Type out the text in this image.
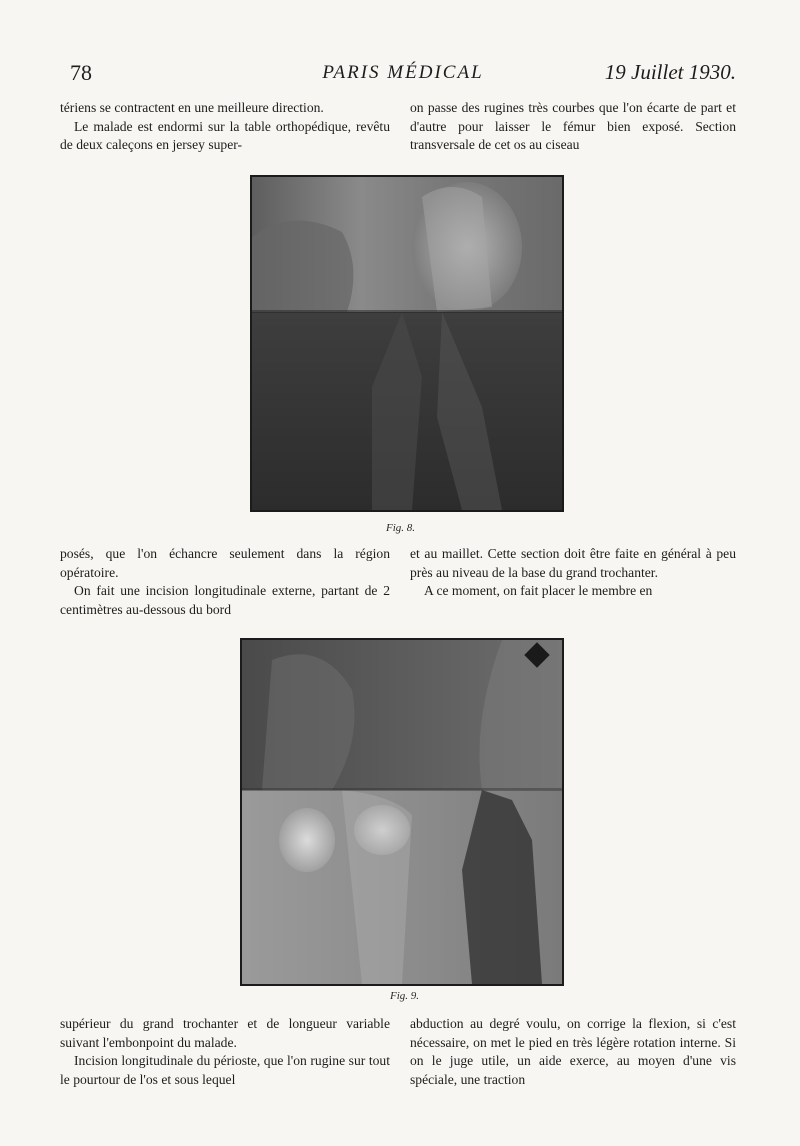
78	PARIS MÉDICAL	19 Juillet 1930.

tériens se contractent en une meilleure direction.

Le malade est endormi sur la table orthopédique, revêtu de deux caleçons en jersey super-

on passe des rugines très courbes que l'on écarte de part et d'autre pour laisser le fémur bien exposé. Section transversale de cet os au ciseau

Fig. 8.

posés, que l'on échancre seulement dans la région opératoire.

On fait une incision longitudinale externe, partant de 2 centimètres au-dessous du bord

et au maillet. Cette section doit être faite en général à peu près au niveau de la base du grand trochanter.

A ce moment, on fait placer le membre en

Fig. 9.

supérieur du grand trochanter et de longueur variable suivant l'embonpoint du malade.

Incision longitudinale du périoste, que l'on rugine sur tout le pourtour de l'os et sous lequel

abduction au degré voulu, on corrige la flexion, si c'est nécessaire, on met le pied en très légère rotation interne. Si on le juge utile, un aide exerce, au moyen d'une vis spéciale, une traction
